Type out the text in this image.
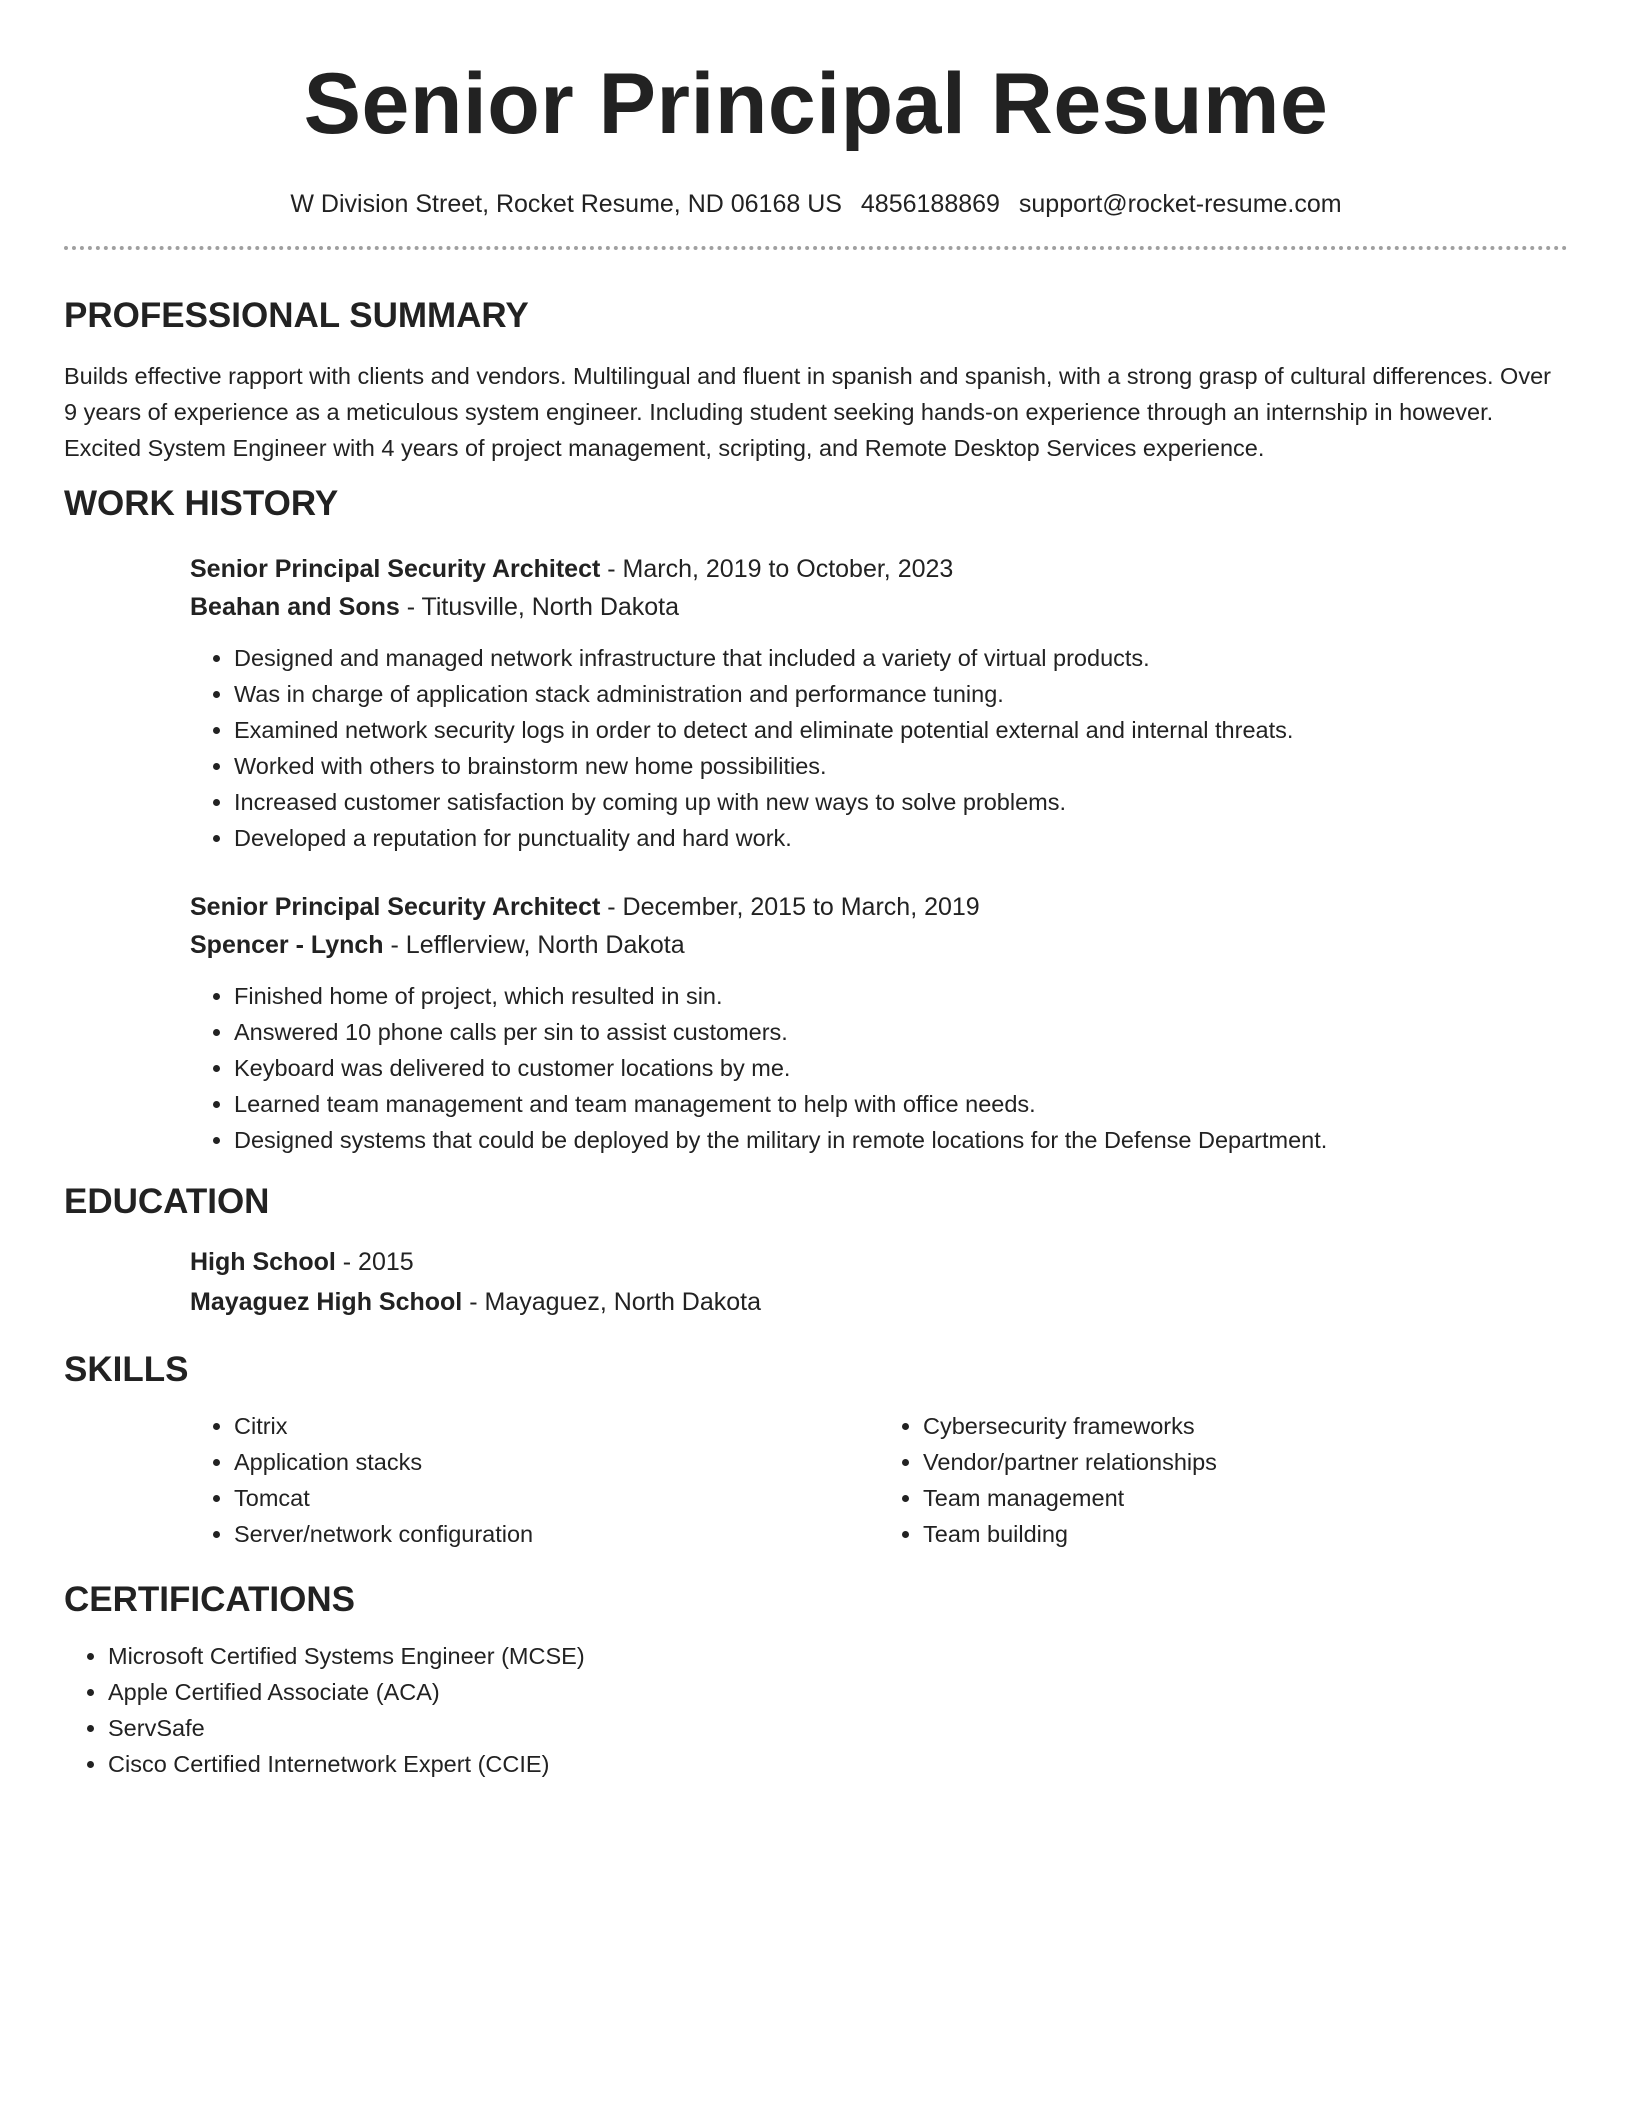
Senior Principal Resume
W Division Street, Rocket Resume, ND 06168 US 4856188869 support@rocket-resume.com
PROFESSIONAL SUMMARY

Builds effective rapport with clients and vendors. Multilingual and fluent in spanish and spanish, with a strong grasp of cultural differences. Over 9 years of experience as a meticulous system engineer. Including student seeking hands-on experience through an internship in however. Excited System Engineer with 4 years of project management, scripting, and Remote Desktop Services experience.

WORK HISTORY
Senior Principal Security Architect - March, 2019 to October, 2023
Beahan and Sons - Titusville, North Dakota
• Designed and managed network infrastructure that included a variety of virtual products.
• Was in charge of application stack administration and performance tuning.
• Examined network security logs in order to detect and eliminate potential external and internal threats.
• Worked with others to brainstorm new home possibilities.
• Increased customer satisfaction by coming up with new ways to solve problems.
• Developed a reputation for punctuality and hard work.
Senior Principal Security Architect - December, 2015 to March, 2019
Spencer - Lynch - Lefflerview, North Dakota
• Finished home of project, which resulted in sin.
• Answered 10 phone calls per sin to assist customers.
• Keyboard was delivered to customer locations by me.
• Learned team management and team management to help with office needs.
• Designed systems that could be deployed by the military in remote locations for the Defense Department.
EDUCATION
High School - 2015
Mayaguez High School - Mayaguez, North Dakota
SKILLS
• Citrix
• Application stacks
• Tomcat
• Server/network configuration
• Cybersecurity frameworks
• Vendor/partner relationships
• Team management
• Team building
CERTIFICATIONS
• Microsoft Certified Systems Engineer (MCSE)
• Apple Certified Associate (ACA)
• ServSafe
• Cisco Certified Internetwork Expert (CCIE)
